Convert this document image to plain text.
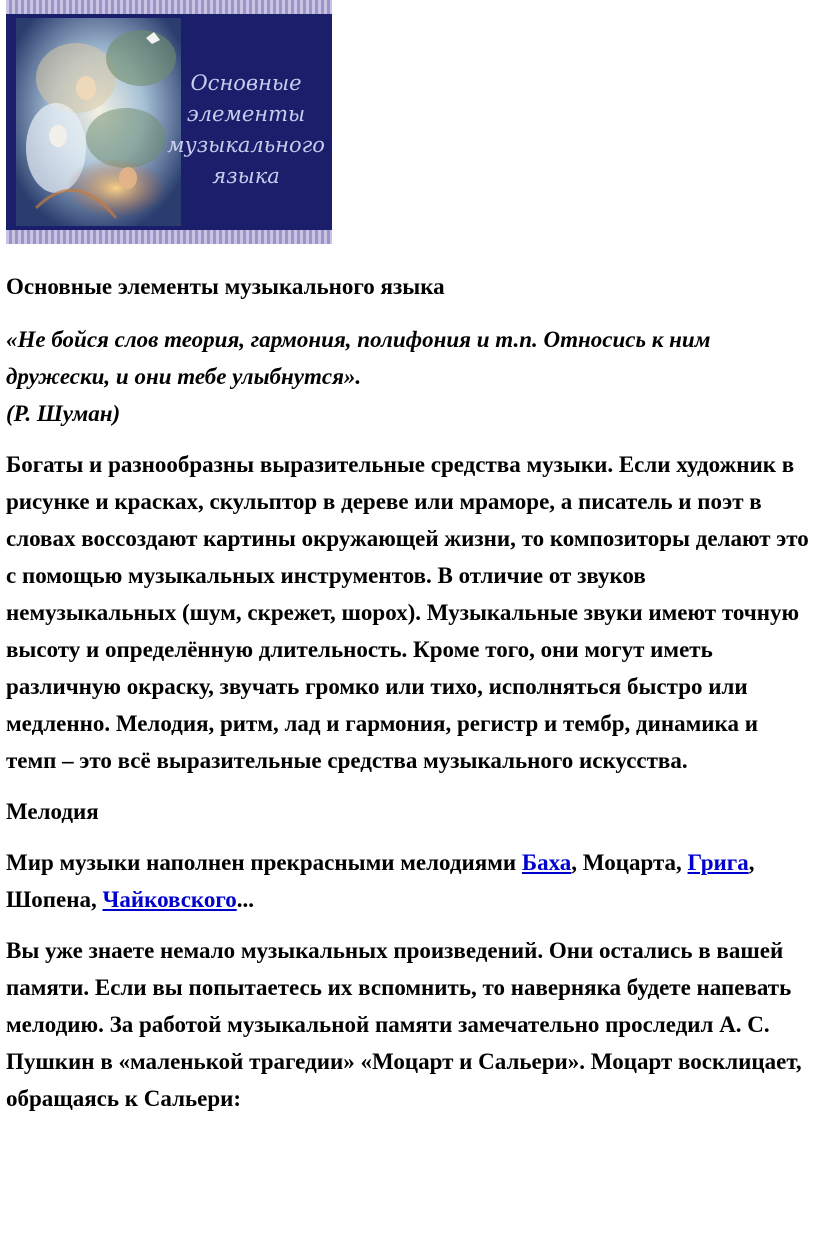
Основные
элементы
музыкального
языка

Основные элементы музыкального языка

«Не бойся слов теория, гармония, полифония и т.п. Относись к ним дружески, и они тебе улыбнутся».
(Р. Шуман)

Богаты и разнообразны выразительные средства музыки. Если художник в рисунке и красках, скульптор в дереве или мраморе, а писатель и поэт в словах воссоздают картины окружающей жизни, то композиторы делают это с помощью музыкальных инструментов. В отличие от звуков немузыкальных (шум, скрежет, шорох). Музыкальные звуки имеют точную высоту и определённую длительность. Кроме того, они могут иметь различную окраску, звучать громко или тихо, исполняться быстро или медленно. Мелодия, ритм, лад и гармония, регистр и тембр, динамика и темп – это всё выразительные средства музыкального искусства.

Мелодия

Мир музыки наполнен прекрасными мелодиями Баха, Моцарта, Грига, Шопена, Чайковского...

Вы уже знаете немало музыкальных произведений. Они остались в вашей памяти. Если вы попытаетесь их вспомнить, то наверняка будете напевать мелодию. За работой музыкальной памяти замечательно проследил А. С. Пушкин в «маленькой трагедии» «Моцарт и Сальери». Моцарт восклицает, обращаясь к Сальери:
